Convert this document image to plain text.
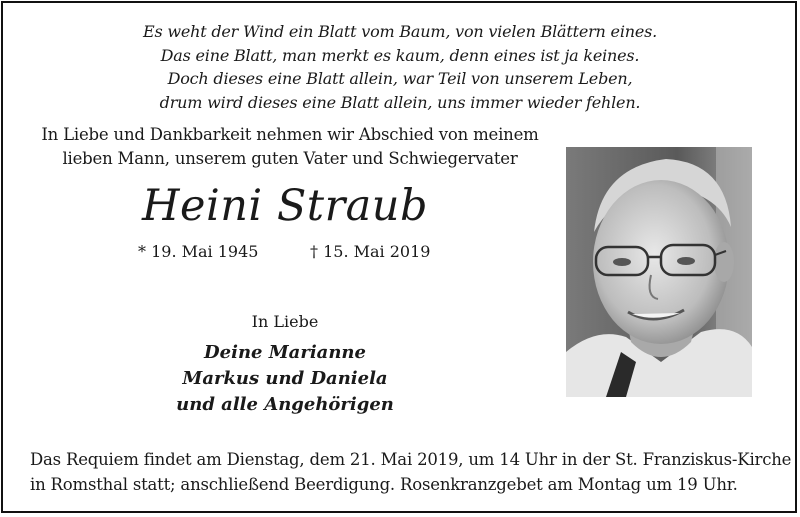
Es weht der Wind ein Blatt vom Baum, von vielen Blättern eines.
Das eine Blatt, man merkt es kaum, denn eines ist ja keines.
Doch dieses eine Blatt allein, war Teil von unserem Leben,
drum wird dieses eine Blatt allein, uns immer wieder fehlen.
In Liebe und Dankbarkeit nehmen wir Abschied von meinem
lieben Mann, unserem guten Vater und Schwiegervater
Heini Straub
* 19. Mai 1945	† 15. Mai 2019
In Liebe
Deine Marianne
Markus und Daniela
und alle Angehörigen
Das Requiem findet am Dienstag, dem 21. Mai 2019, um 14 Uhr in der St. Franziskus-Kirche
in Romsthal statt; anschließend Beerdigung. Rosenkranzgebet am Montag um 19 Uhr.
